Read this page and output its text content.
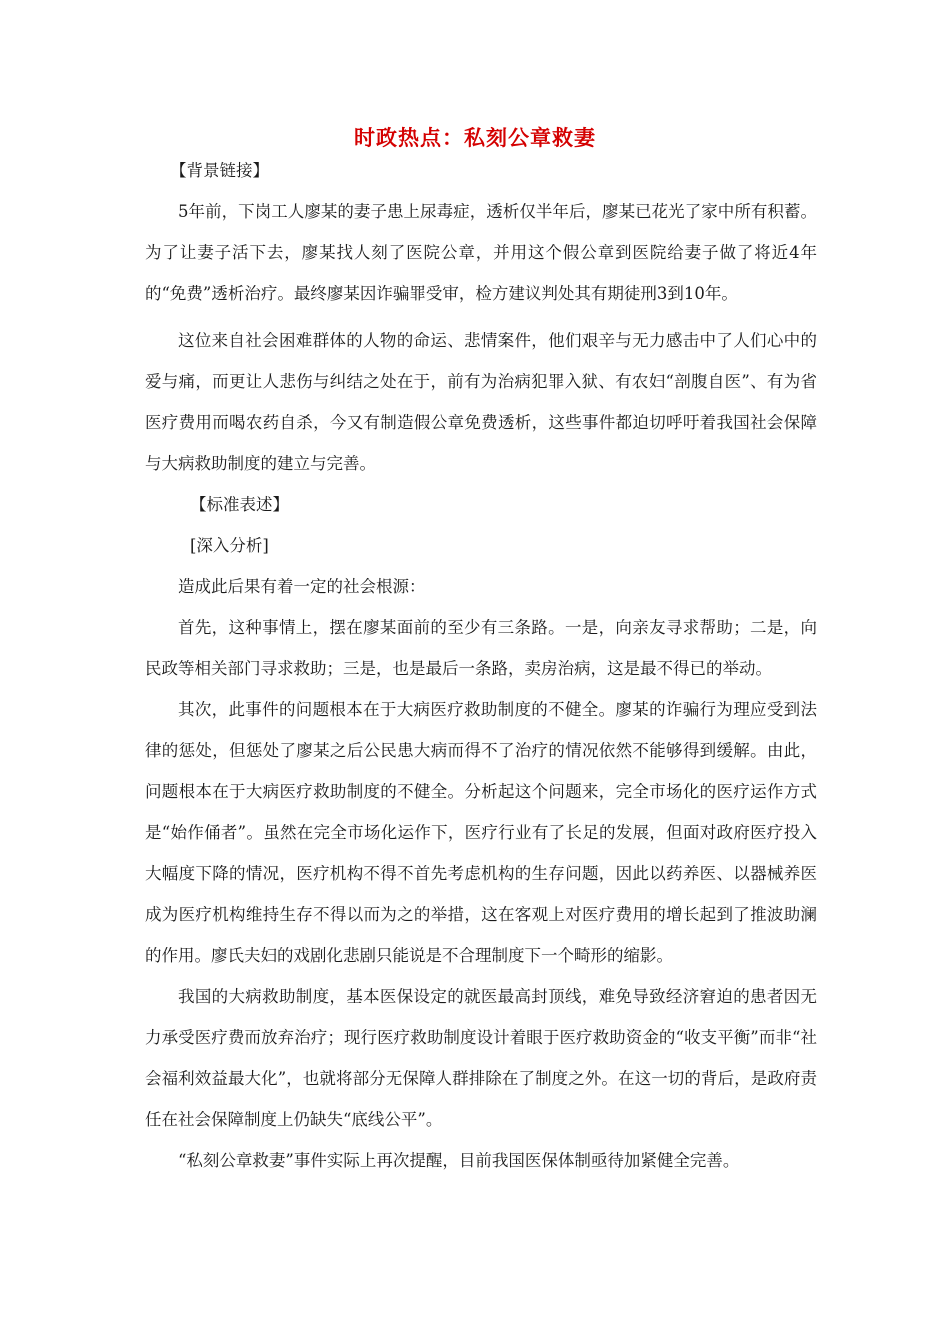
时政热点：私刻公章救妻

【背景链接】

5年前，下岗工人廖某的妻子患上尿毒症，透析仅半年后，廖某已花光了家中所有积蓄。为了让妻子活下去，廖某找人刻了医院公章，并用这个假公章到医院给妻子做了将近4年的“免费”透析治疗。最终廖某因诈骗罪受审，检方建议判处其有期徒刑3到10年。

这位来自社会困难群体的人物的命运、悲情案件，他们艰辛与无力感击中了人们心中的爱与痛，而更让人悲伤与纠结之处在于，前有为治病犯罪入狱、有农妇“剖腹自医”、有为省医疗费用而喝农药自杀，今又有制造假公章免费透析，这些事件都迫切呼吁着我国社会保障与大病救助制度的建立与完善。

【标准表述】

[深入分析]

造成此后果有着一定的社会根源：

首先，这种事情上，摆在廖某面前的至少有三条路。一是，向亲友寻求帮助；二是，向民政等相关部门寻求救助；三是，也是最后一条路，卖房治病，这是最不得已的举动。

其次，此事件的问题根本在于大病医疗救助制度的不健全。廖某的诈骗行为理应受到法律的惩处，但惩处了廖某之后公民患大病而得不了治疗的情况依然不能够得到缓解。由此，问题根本在于大病医疗救助制度的不健全。分析起这个问题来，完全市场化的医疗运作方式是“始作俑者”。虽然在完全市场化运作下，医疗行业有了长足的发展，但面对政府医疗投入大幅度下降的情况，医疗机构不得不首先考虑机构的生存问题，因此以药养医、以器械养医成为医疗机构维持生存不得以而为之的举措，这在客观上对医疗费用的增长起到了推波助澜的作用。廖氏夫妇的戏剧化悲剧只能说是不合理制度下一个畸形的缩影。

我国的大病救助制度，基本医保设定的就医最高封顶线，难免导致经济窘迫的患者因无力承受医疗费而放弃治疗；现行医疗救助制度设计着眼于医疗救助资金的“收支平衡”而非“社会福利效益最大化”，也就将部分无保障人群排除在了制度之外。在这一切的背后，是政府责任在社会保障制度上仍缺失“底线公平”。

“私刻公章救妻”事件实际上再次提醒，目前我国医保体制亟待加紧健全完善。
